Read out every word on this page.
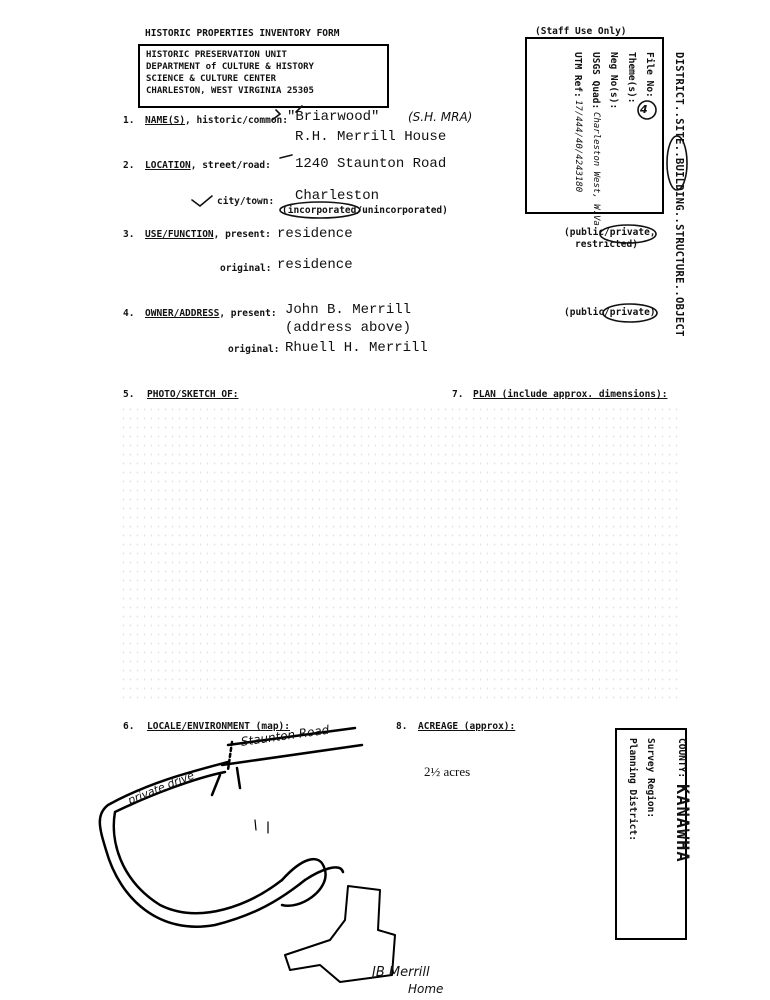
HISTORIC PROPERTIES INVENTORY FORM	(Staff Use Only)
HISTORIC PRESERVATION UNIT
DEPARTMENT of CULTURE & HISTORY
SCIENCE & CULTURE CENTER
CHARLESTON, WEST VIRGINIA 25305	File No:
Theme(s):
Neg No(s):
USGS Quad:
Charleston West, W.Va
UTM Ref:
17/444/40/4243180	4 DISTRICT..SITE..BUILDING..STRUCTURE..OBJECT
1. NAME(S), historic/common: "Briarwood" (S.H. MRA)
R.H. Merrill House
2. LOCATION, street/road: 1240 Staunton Road
city/town: Charleston
(incorporated/unincorporated)
3. USE/FUNCTION, present: residence
original: residence
(public/private,
restricted)
4. OWNER/ADDRESS, present: John B. Merrill
(address above)
original: Rhuell H. Merrill
(public/private)
5. PHOTO/SKETCH OF:	7. PLAN (include approx. dimensions):
6. LOCALE/ENVIRONMENT (map):	8. ACREAGE (approx):
2½ acres	COUNTY:
KANAWHA
Survey Region:
Planning District:
Staunton Road
private drive
JB Merrill
Home
